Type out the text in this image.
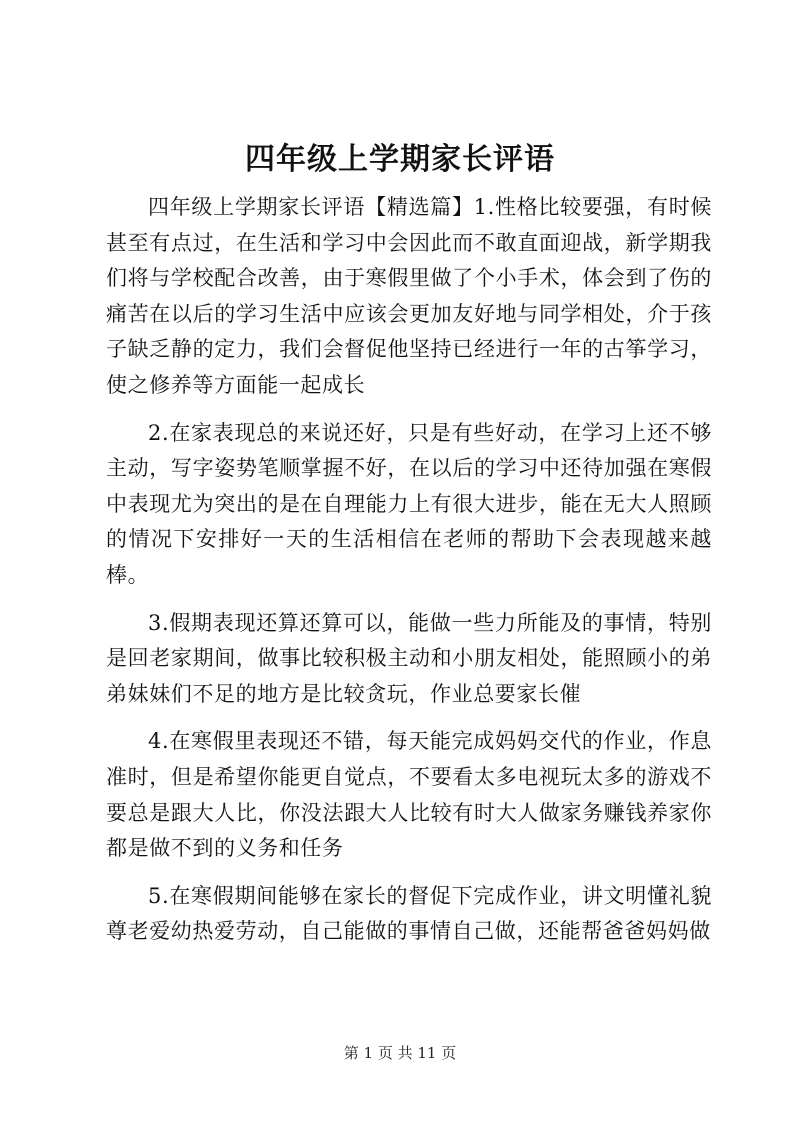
四年级上学期家长评语

四年级上学期家长评语【精选篇】1.性格比较要强，有时候甚至有点过，在生活和学习中会因此而不敢直面迎战，新学期我们将与学校配合改善，由于寒假里做了个小手术，体会到了伤的痛苦在以后的学习生活中应该会更加友好地与同学相处，介于孩子缺乏静的定力，我们会督促他坚持已经进行一年的古筝学习，使之修养等方面能一起成长

2.在家表现总的来说还好，只是有些好动，在学习上还不够主动，写字姿势笔顺掌握不好，在以后的学习中还待加强在寒假中表现尤为突出的是在自理能力上有很大进步，能在无大人照顾的情况下安排好一天的生活相信在老师的帮助下会表现越来越棒。

3.假期表现还算还算可以，能做一些力所能及的事情，特别是回老家期间，做事比较积极主动和小朋友相处，能照顾小的弟弟妹妹们不足的地方是比较贪玩，作业总要家长催

4.在寒假里表现还不错，每天能完成妈妈交代的作业，作息准时，但是希望你能更自觉点，不要看太多电视玩太多的游戏不要总是跟大人比，你没法跟大人比较有时大人做家务赚钱养家你都是做不到的义务和任务

5.在寒假期间能够在家长的督促下完成作业，讲文明懂礼貌尊老爱幼热爱劳动，自己能做的事情自己做，还能帮爸爸妈妈做

第 1 页 共 11 页
